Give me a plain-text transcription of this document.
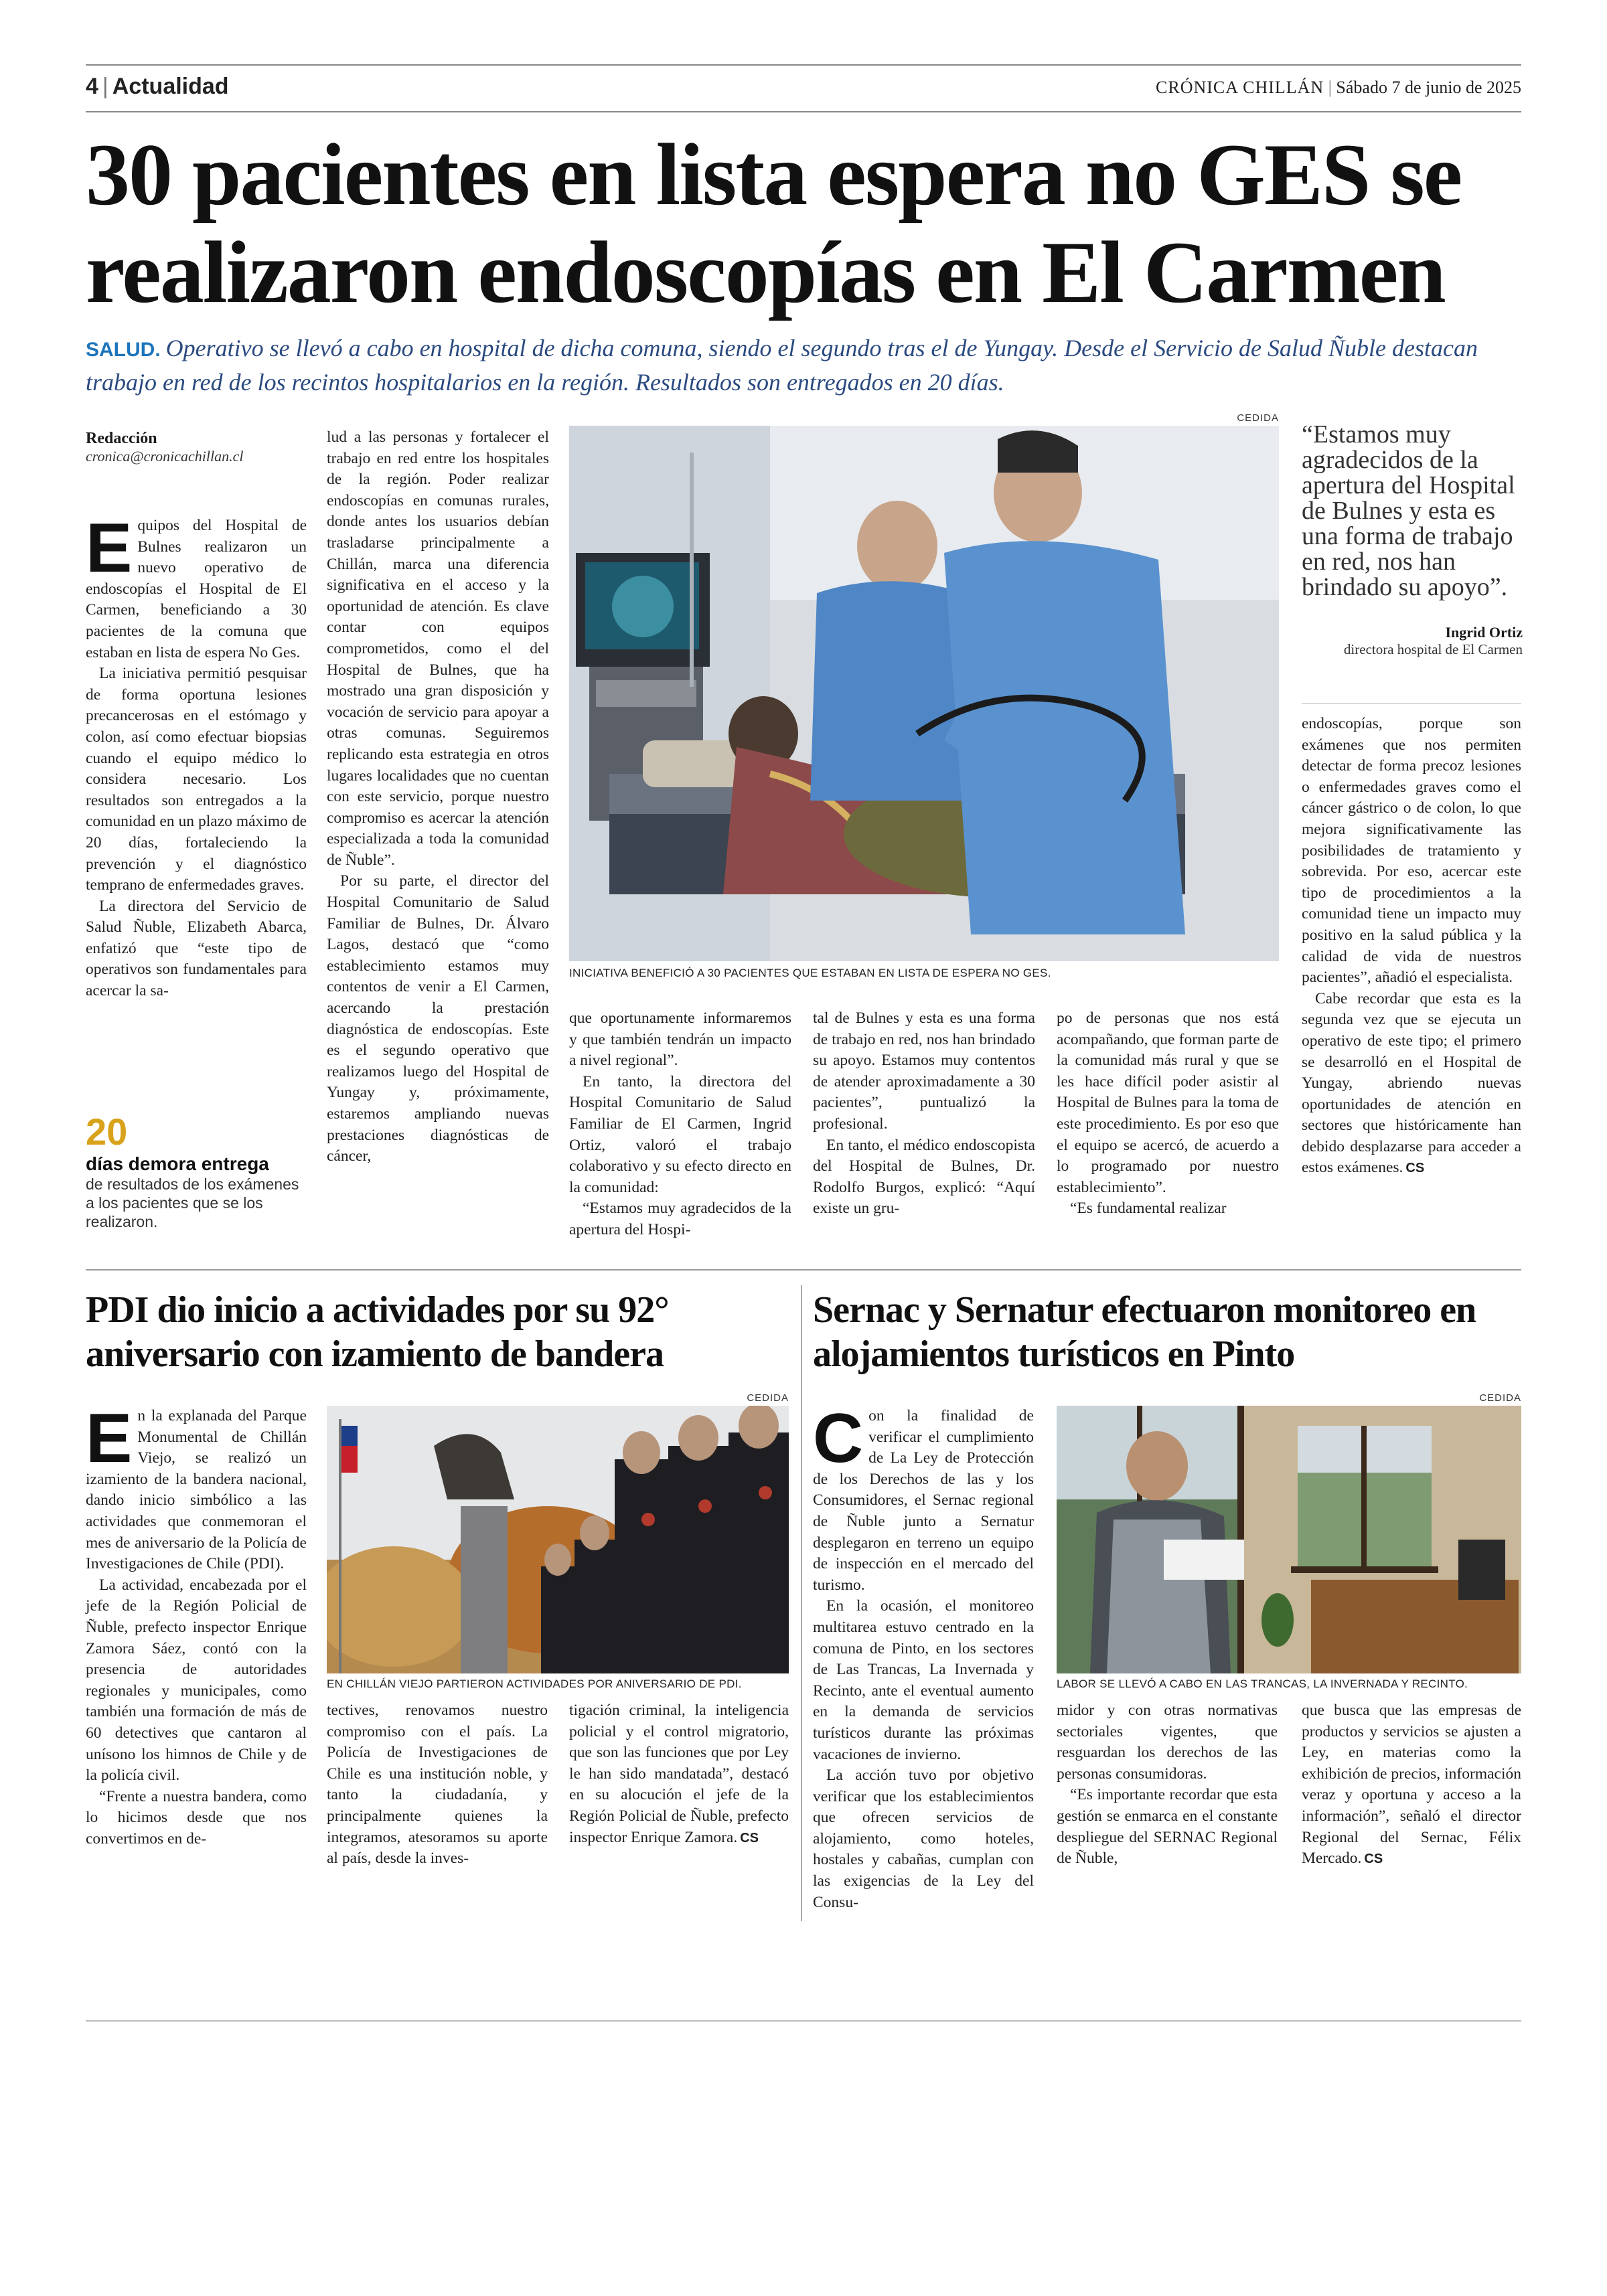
4 | Actualidad	CRÓNICA CHILLÁN | Sábado 7 de junio de 2025
30 pacientes en lista espera no GES se
realizaron endoscopías en El Carmen
SALUD. Operativo se llevó a cabo en hospital de dicha comuna, siendo el segundo tras el de Yungay. Desde el Servicio de Salud Ñuble destacan trabajo en red de los recintos hospitalarios en la región. Resultados son entregados en 20 días.
Redacción
cronica@cronicachillan.cl

Equipos del Hospital de Bulnes realizaron un nuevo operativo de endoscopías el Hospital de El Carmen, beneficiando a 30 pacientes de la comuna que estaban en lista de espera No Ges.

La iniciativa permitió pesquisar de forma oportuna lesiones precancerosas en el estómago y colon, así como efectuar biopsias cuando el equipo médico lo considera necesario. Los resultados son entregados a la comunidad en un plazo máximo de 20 días, fortaleciendo la prevención y el diagnóstico temprano de enfermedades graves.

La directora del Servicio de Salud Ñuble, Elizabeth Abarca, enfatizó que “este tipo de operativos son fundamentales para acercar la sa-

20
días demora entrega
de resultados de los exámenes a los pacientes que se los realizaron.

lud a las personas y fortalecer el trabajo en red entre los hospitales de la región. Poder realizar endoscopías en comunas rurales, donde antes los usuarios debían trasladarse principalmente a Chillán, marca una diferencia significativa en el acceso y la oportunidad de atención. Es clave contar con equipos comprometidos, como el del Hospital de Bulnes, que ha mostrado una gran disposición y vocación de servicio para apoyar a otras comunas. Seguiremos replicando esta estrategia en otros lugares localidades que no cuentan con este servicio, porque nuestro compromiso es acercar la atención especializada a toda la comunidad de Ñuble”.

Por su parte, el director del Hospital Comunitario de Salud Familiar de Bulnes, Dr. Álvaro Lagos, destacó que “como establecimiento estamos muy contentos de venir a El Carmen, acercando la prestación diagnóstica de endoscopías. Este es el segundo operativo que realizamos luego del Hospital de Yungay y, próximamente, estaremos ampliando nuevas prestaciones diagnósticas de cáncer,

CEDIDA
INICIATIVA BENEFICIÓ A 30 PACIENTES QUE ESTABAN EN LISTA DE ESPERA NO GES.

que oportunamente informaremos y que también tendrán un impacto a nivel regional”.

En tanto, la directora del Hospital Comunitario de Salud Familiar de El Carmen, Ingrid Ortiz, valoró el trabajo colaborativo y su efecto directo en la comunidad:

“Estamos muy agradecidos de la apertura del Hospi-

tal de Bulnes y esta es una forma de trabajo en red, nos han brindado su apoyo. Estamos muy contentos de atender aproximadamente a 30 pacientes”, puntualizó la profesional.

En tanto, el médico endoscopista del Hospital de Bulnes, Dr. Rodolfo Burgos, explicó: “Aquí existe un gru-

po de personas que nos está acompañando, que forman parte de la comunidad más rural y que se les hace difícil poder asistir al Hospital de Bulnes para la toma de este procedimiento. Es por eso que el equipo se acercó, de acuerdo a lo programado por nuestro establecimiento”.

“Es fundamental realizar

“Estamos muy agradecidos de la apertura del Hospital de Bulnes y esta es una forma de trabajo en red, nos han brindado su apoyo”.
Ingrid Ortiz
directora hospital de El Carmen

endoscopías, porque son exámenes que nos permiten detectar de forma precoz lesiones o enfermedades graves como el cáncer gástrico o de colon, lo que mejora significativamente las posibilidades de tratamiento y sobrevida. Por eso, acercar este tipo de procedimientos a la comunidad tiene un impacto muy positivo en la salud pública y la calidad de vida de nuestros pacientes”, añadió el especialista.

Cabe recordar que esta es la segunda vez que se ejecuta un operativo de este tipo; el primero se desarrolló en el Hospital de Yungay, abriendo nuevas oportunidades de atención en sectores que históricamente han debido desplazarse para acceder a estos exámenes. CS

PDI dio inicio a actividades por su 92° aniversario con izamiento de bandera

En la explanada del Parque Monumental de Chillán Viejo, se realizó un izamiento de la bandera nacional, dando inicio simbólico a las actividades que conmemoran el mes de aniversario de la Policía de Investigaciones de Chile (PDI).

La actividad, encabezada por el jefe de la Región Policial de Ñuble, prefecto inspector Enrique Zamora Sáez, contó con la presencia de autoridades regionales y municipales, como también una formación de más de 60 detectives que cantaron al unísono los himnos de Chile y de la policía civil.

“Frente a nuestra bandera, como lo hicimos desde que nos convertimos en de-

CEDIDA
EN CHILLÁN VIEJO PARTIERON ACTIVIDADES POR ANIVERSARIO DE PDI.

tectives, renovamos nuestro compromiso con el país. La Policía de Investigaciones de Chile es una institución noble, y tanto la ciudadanía, y principalmente quienes la integramos, atesoramos su aporte al país, desde la inves-

tigación criminal, la inteligencia policial y el control migratorio, que son las funciones que por Ley le han sido mandatada”, destacó en su alocución el jefe de la Región Policial de Ñuble, prefecto inspector Enrique Zamora. CS

Sernac y Sernatur efectuaron monitoreo en alojamientos turísticos en Pinto

Con la finalidad de verificar el cumplimiento de La Ley de Protección de los Derechos de las y los Consumidores, el Sernac regional de Ñuble junto a Sernatur desplegaron en terreno un equipo de inspección en el mercado del turismo.

En la ocasión, el monitoreo multitarea estuvo centrado en la comuna de Pinto, en los sectores de Las Trancas, La Invernada y Recinto, ante el eventual aumento en la demanda de servicios turísticos durante las próximas vacaciones de invierno.

La acción tuvo por objetivo verificar que los establecimientos que ofrecen servicios de alojamiento, como hoteles, hostales y cabañas, cumplan con las exigencias de la Ley del Consu-

CEDIDA
LABOR SE LLEVÓ A CABO EN LAS TRANCAS, LA INVERNADA Y RECINTO.

midor y con otras normativas sectoriales vigentes, que resguardan los derechos de las personas consumidoras.

“Es importante recordar que esta gestión se enmarca en el constante despliegue del SERNAC Regional de Ñuble,

que busca que las empresas de productos y servicios se ajusten a Ley, en materias como la exhibición de precios, información veraz y oportuna y acceso a la información”, señaló el director Regional del Sernac, Félix Mercado. CS
